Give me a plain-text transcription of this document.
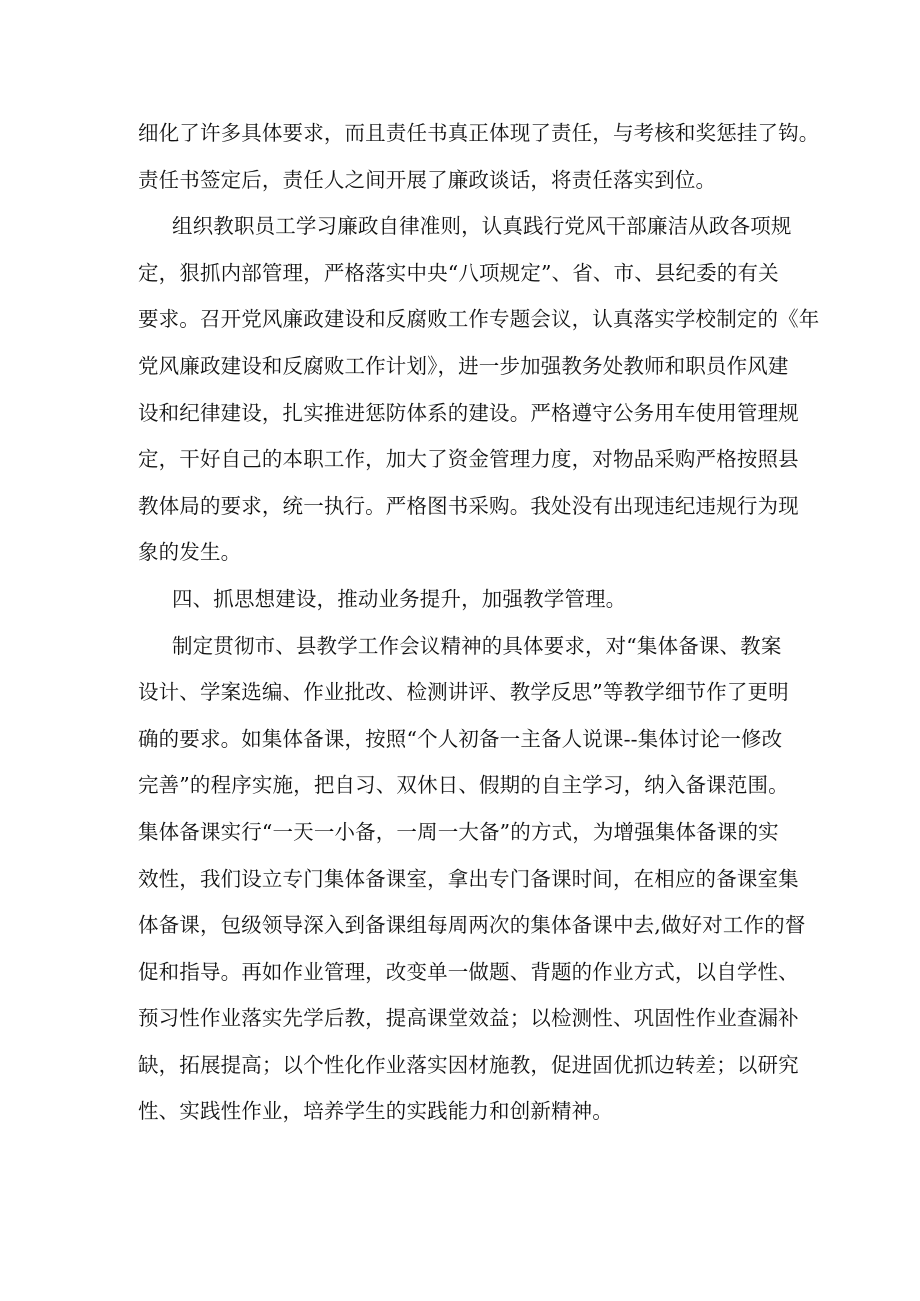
细化了许多具体要求，而且责任书真正体现了责任，与考核和奖惩挂了钩。
责任书签定后，责任人之间开展了廉政谈话，将责任落实到位。
组织教职员工学习廉政自律准则，认真践行党风干部廉洁从政各项规
定，狠抓内部管理，严格落实中央“八项规定”、省、市、县纪委的有关
要求。召开党风廉政建设和反腐败工作专题会议，认真落实学校制定的《年
党风廉政建设和反腐败工作计划》，进一步加强教务处教师和职员作风建
设和纪律建设，扎实推进惩防体系的建设。严格遵守公务用车使用管理规
定，干好自己的本职工作，加大了资金管理力度，对物品采购严格按照县
教体局的要求，统一执行。严格图书采购。我处没有出现违纪违规行为现
象的发生。
四、抓思想建设，推动业务提升，加强教学管理。
制定贯彻市、县教学工作会议精神的具体要求，对“集体备课、教案
设计、学案选编、作业批改、检测讲评、教学反思”等教学细节作了更明
确的要求。如集体备课，按照“个人初备一主备人说课--集体讨论一修改
完善”的程序实施，把自习、双休日、假期的自主学习，纳入备课范围。
集体备课实行“一天一小备，一周一大备”的方式，为增强集体备课的实
效性，我们设立专门集体备课室，拿出专门备课时间，在相应的备课室集
体备课，包级领导深入到备课组每周两次的集体备课中去,做好对工作的督
促和指导。再如作业管理，改变单一做题、背题的作业方式，以自学性、
预习性作业落实先学后教，提高课堂效益；以检测性、巩固性作业查漏补
缺，拓展提高；以个性化作业落实因材施教，促进固优抓边转差；以研究
性、实践性作业，培养学生的实践能力和创新精神。
